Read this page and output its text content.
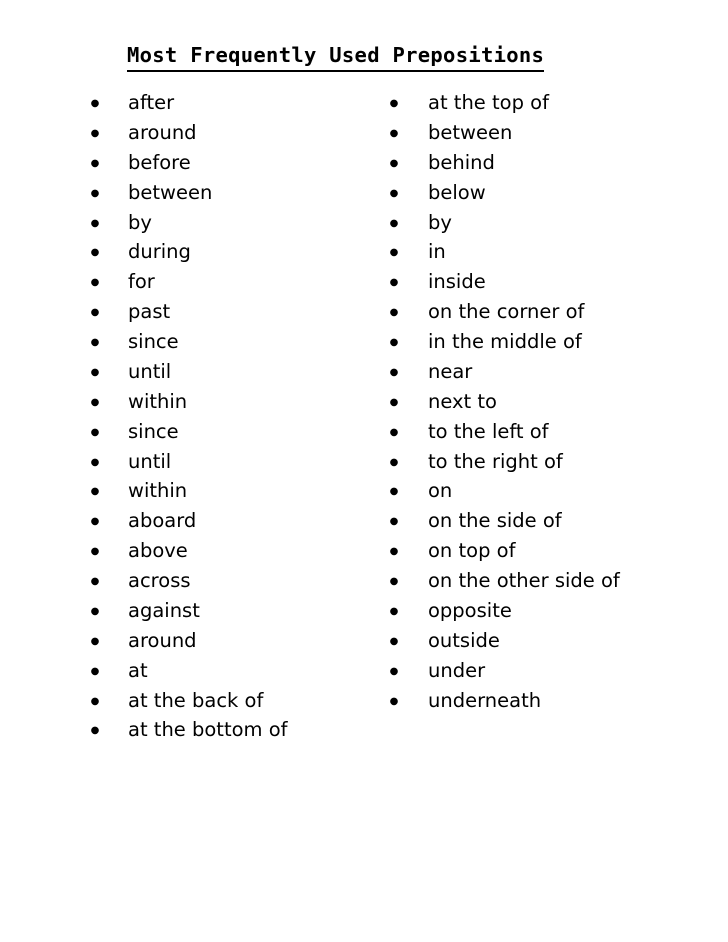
Most Frequently Used Prepositions
● after
● around
● before
● between
● by
● during
● for
● past
● since
● until
● within
● since
● until
● within
● aboard
● above
● across
● against
● around
● at
● at the back of
● at the bottom of
● at the top of
● between
● behind
● below
● by
● in
● inside
● on the corner of
● in the middle of
● near
● next to
● to the left of
● to the right of
● on
● on the side of
● on top of
● on the other side of
● opposite
● outside
● under
● underneath
